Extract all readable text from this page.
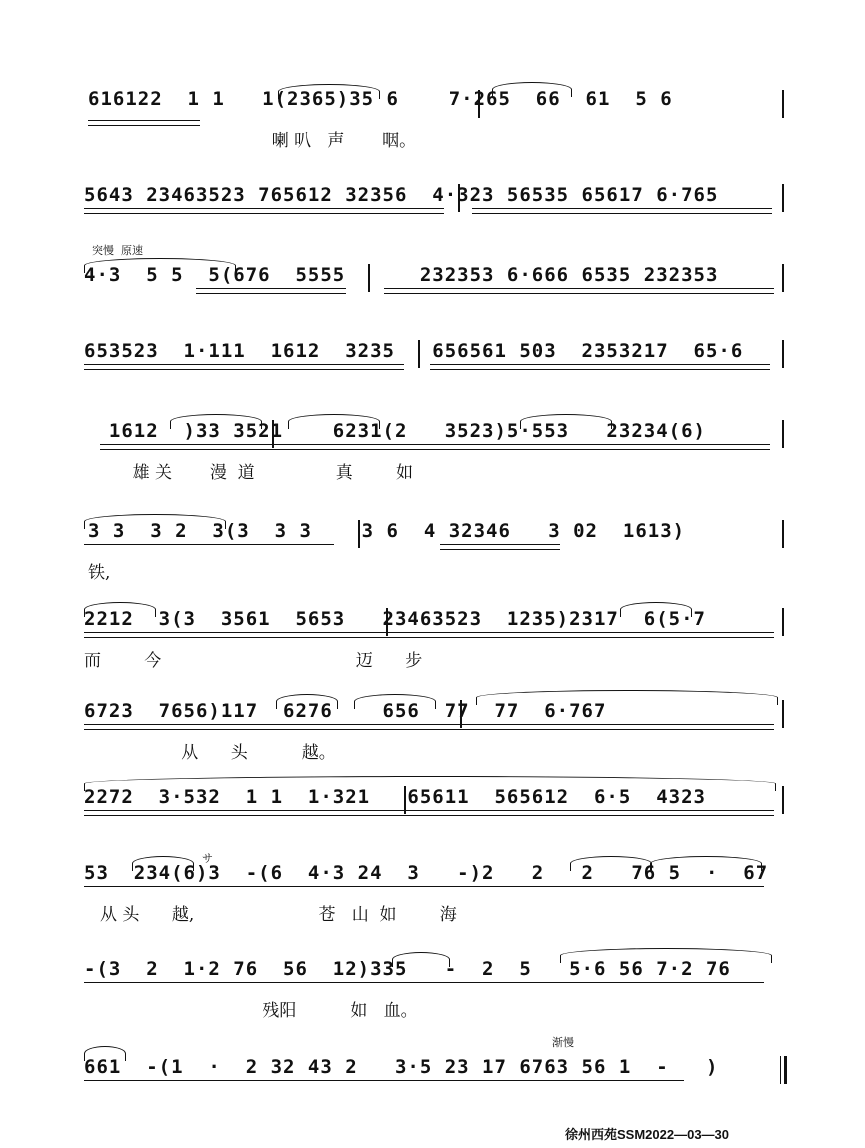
616122  1 1   1(2365)35 6    7·265  66  61  5 6
喇 叭   声       咽。
5643 23463523 765612 32356  4·323 56535 65617 6·765
突慢  原速
4·3  5 5  5(676  5555      232353 6·666 6535 232353
653523  1·111  1612  3235   656561 503  2353217  65·6
1612  )33 3521    6231(2   3523)5·553   23234(6)
雄 关       漫  道               真        如
3 3  3 2  3(3  3 3    3 6  4 32346   3 02  1613)
铁,
2212  3(3  3561  5653   23463523  1235)2317  6(5·7
而        今                                    迈      步
6723  7656)117  6276    656  77  77  6·767
从      头          越。
2272  3·532  1 1  1·321   65611  565612  6·5  4323
サ
53  234(6)3  -(6  4·3 24  3   -)2   2   2   76 5  ·  67
从 头      越,                       苍   山  如        海
-(3  2  1·2 76  56  12)335   -  2  5   5·6 56 7·2 76
残阳          如   血。
渐慢
661  -(1  ·  2 32 43 2   3·5 23 17 6763 56 1  -   )
徐州西苑SSM2022—03—30
